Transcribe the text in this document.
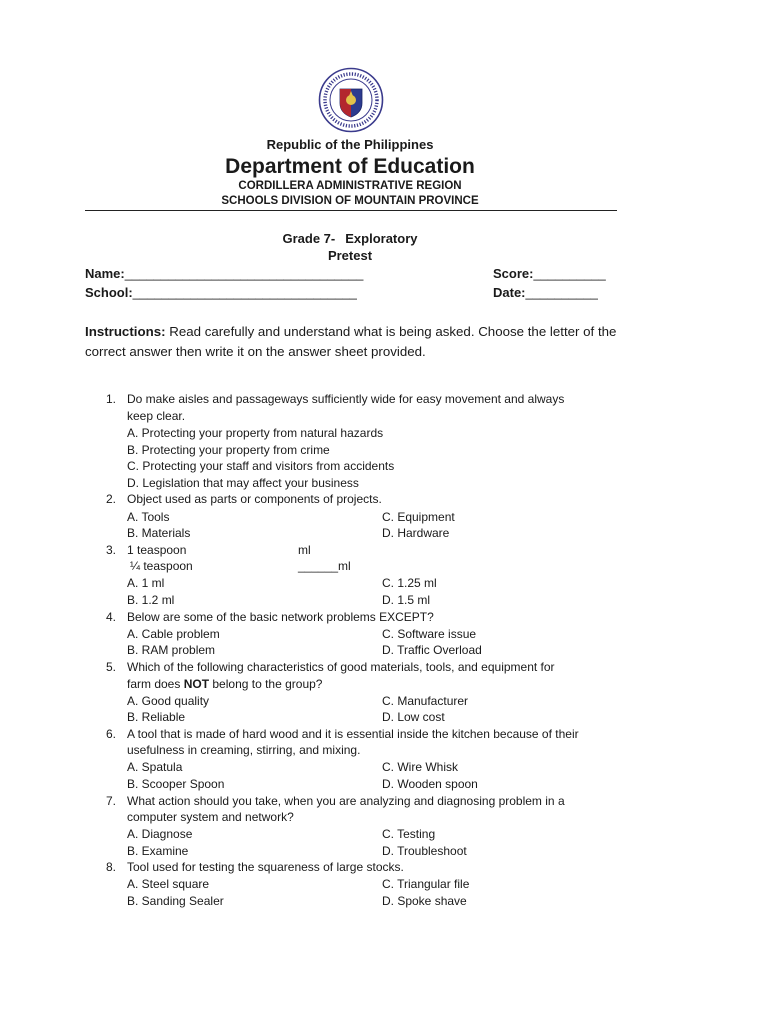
Republic of the Philippines
Department of Education
CORDILLERA ADMINISTRATIVE REGION
SCHOOLS DIVISION OF MOUNTAIN PROVINCE
Grade 7- Exploratory
Pretest
Name:_________________________________	Score:__________
School:_______________________________	Date:__________
Instructions: Read carefully and understand what is being asked. Choose the letter of the correct answer then write it on the answer sheet provided.
1. Do make aisles and passageways sufficiently wide for easy movement and always
keep clear.
A. Protecting your property from natural hazards
B. Protecting your property from crime
C. Protecting your staff and visitors from accidents
D. Legislation that may affect your business
2. Object used as parts or components of projects.
A. Tools	C. Equipment
B. Materials	D. Hardware
3. 1 teaspoon	ml
¼ teaspoon	______ml
A. 1 ml	C. 1.25 ml
B. 1.2 ml	D. 1.5 ml
4. Below are some of the basic network problems EXCEPT?
A. Cable problem	C. Software issue
B. RAM problem	D. Traffic Overload
5. Which of the following characteristics of good materials, tools, and equipment for
farm does NOT belong to the group?
A. Good quality	C. Manufacturer
B. Reliable	D. Low cost
6. A tool that is made of hard wood and it is essential inside the kitchen because of their
usefulness in creaming, stirring, and mixing.
A. Spatula	C. Wire Whisk
B. Scooper Spoon	D. Wooden spoon
7. What action should you take, when you are analyzing and diagnosing problem in a
computer system and network?
A. Diagnose	C. Testing
B. Examine	D. Troubleshoot
8. Tool used for testing the squareness of large stocks.
A. Steel square	C. Triangular file
B. Sanding Sealer	D. Spoke shave
